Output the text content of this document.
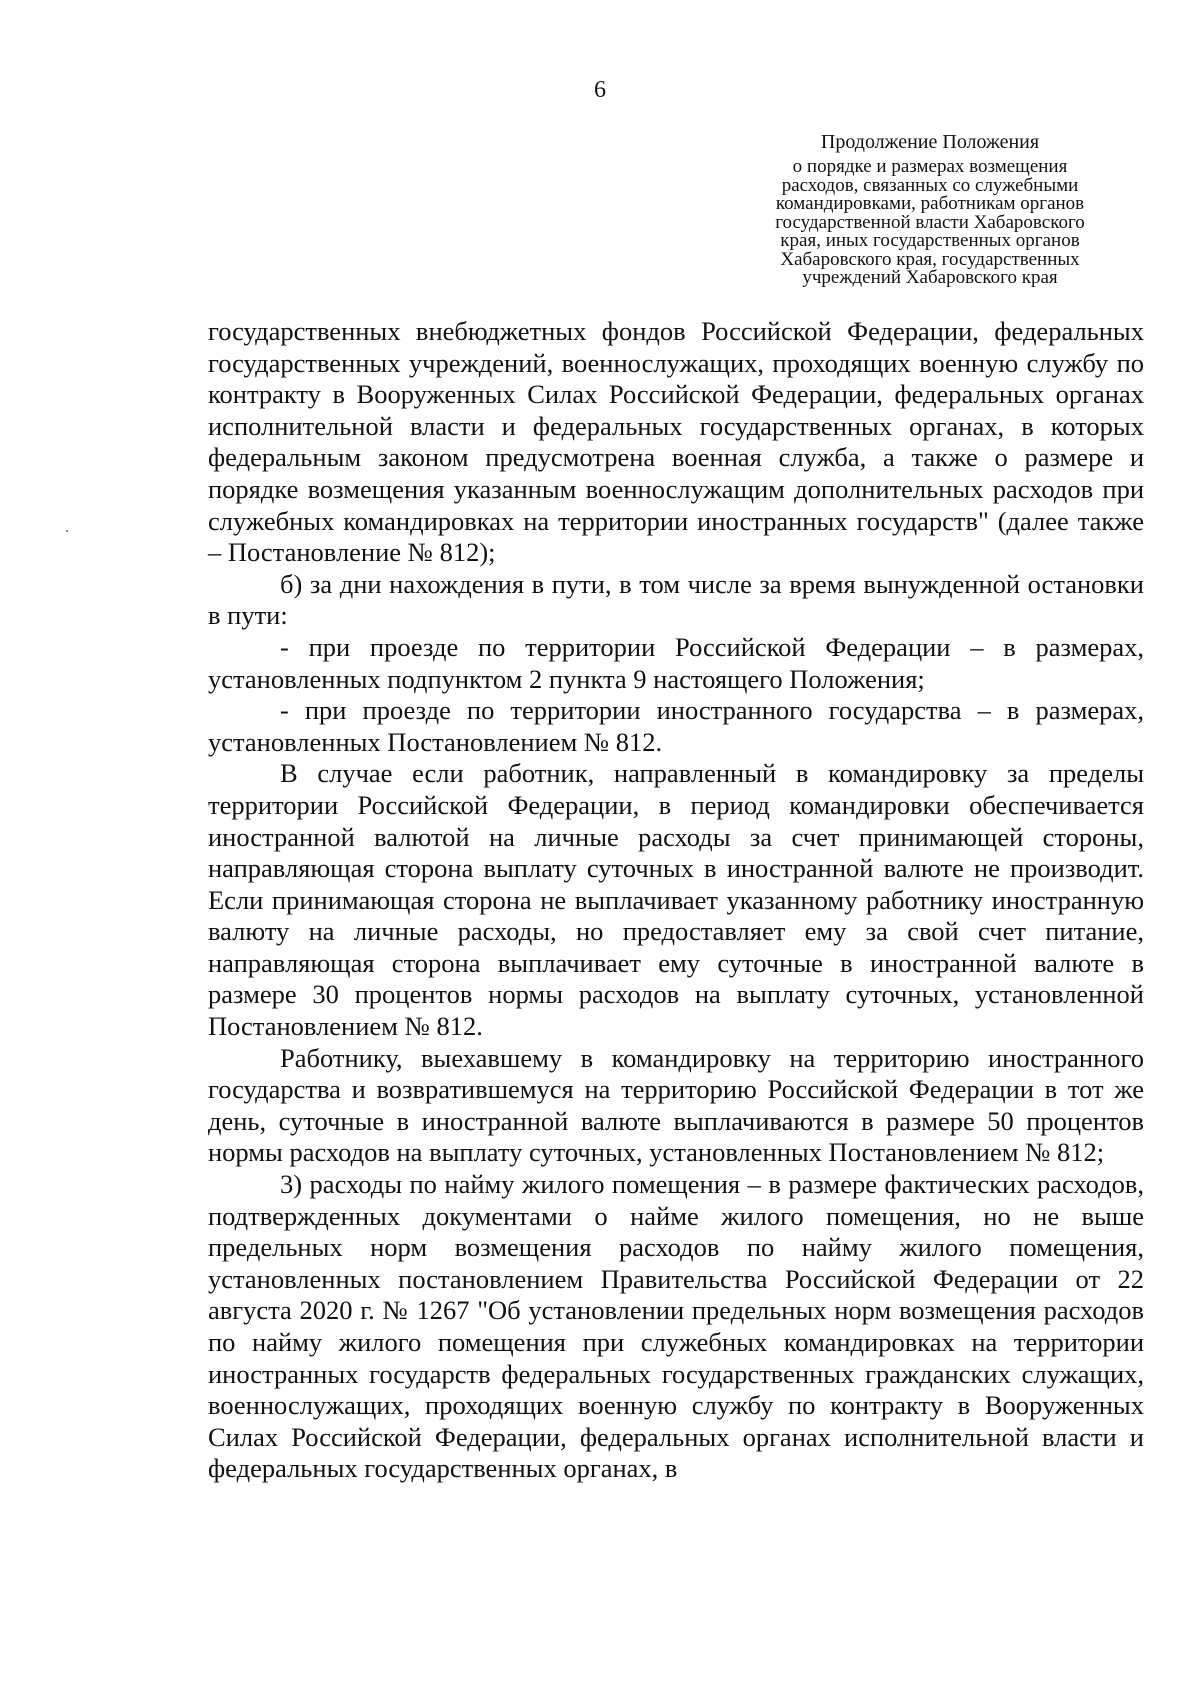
6
Продолжение Положения
о порядке и размерах возмещения
расходов, связанных со служебными
командировками, работникам органов
государственной власти Хабаровского
края, иных государственных органов
Хабаровского края, государственных
учреждений Хабаровского края

государственных внебюджетных фондов Российской Федерации, федеральных государственных учреждений, военнослужащих, проходящих военную службу по контракту в Вооруженных Силах Российской Федерации, федеральных органах исполнительной власти и федеральных государственных органах, в которых федеральным законом предусмотрена военная служба, а также о размере и порядке возмещения указанным военнослужащим дополнительных расходов при служебных командировках на территории иностранных государств" (далее также – Постановление № 812);

б) за дни нахождения в пути, в том числе за время вынужденной остановки в пути:

- при проезде по территории Российской Федерации – в размерах, установленных подпунктом 2 пункта 9 настоящего Положения;

- при проезде по территории иностранного государства – в размерах, установленных Постановлением № 812.

В случае если работник, направленный в командировку за пределы территории Российской Федерации, в период командировки обеспечивается иностранной валютой на личные расходы за счет принимающей стороны, направляющая сторона выплату суточных в иностранной валюте не производит. Если принимающая сторона не выплачивает указанному работнику иностранную валюту на личные расходы, но предоставляет ему за свой счет питание, направляющая сторона выплачивает ему суточные в иностранной валюте в размере 30 процентов нормы расходов на выплату суточных, установленной Постановлением № 812.

Работнику, выехавшему в командировку на территорию иностранного государства и возвратившемуся на территорию Российской Федерации в тот же день, суточные в иностранной валюте выплачиваются в размере 50 процентов нормы расходов на выплату суточных, установленных Постановлением № 812;

3) расходы по найму жилого помещения – в размере фактических расходов, подтвержденных документами о найме жилого помещения, но не выше предельных норм возмещения расходов по найму жилого помещения, установленных постановлением Правительства Российской Федерации от 22 августа 2020 г. № 1267 "Об установлении предельных норм возмещения расходов по найму жилого помещения при служебных командировках на территории иностранных государств федеральных государственных гражданских служащих, военнослужащих, проходящих военную службу по контракту в Вооруженных Силах Российской Федерации, федеральных органах исполнительной власти и федеральных государственных органах, в
